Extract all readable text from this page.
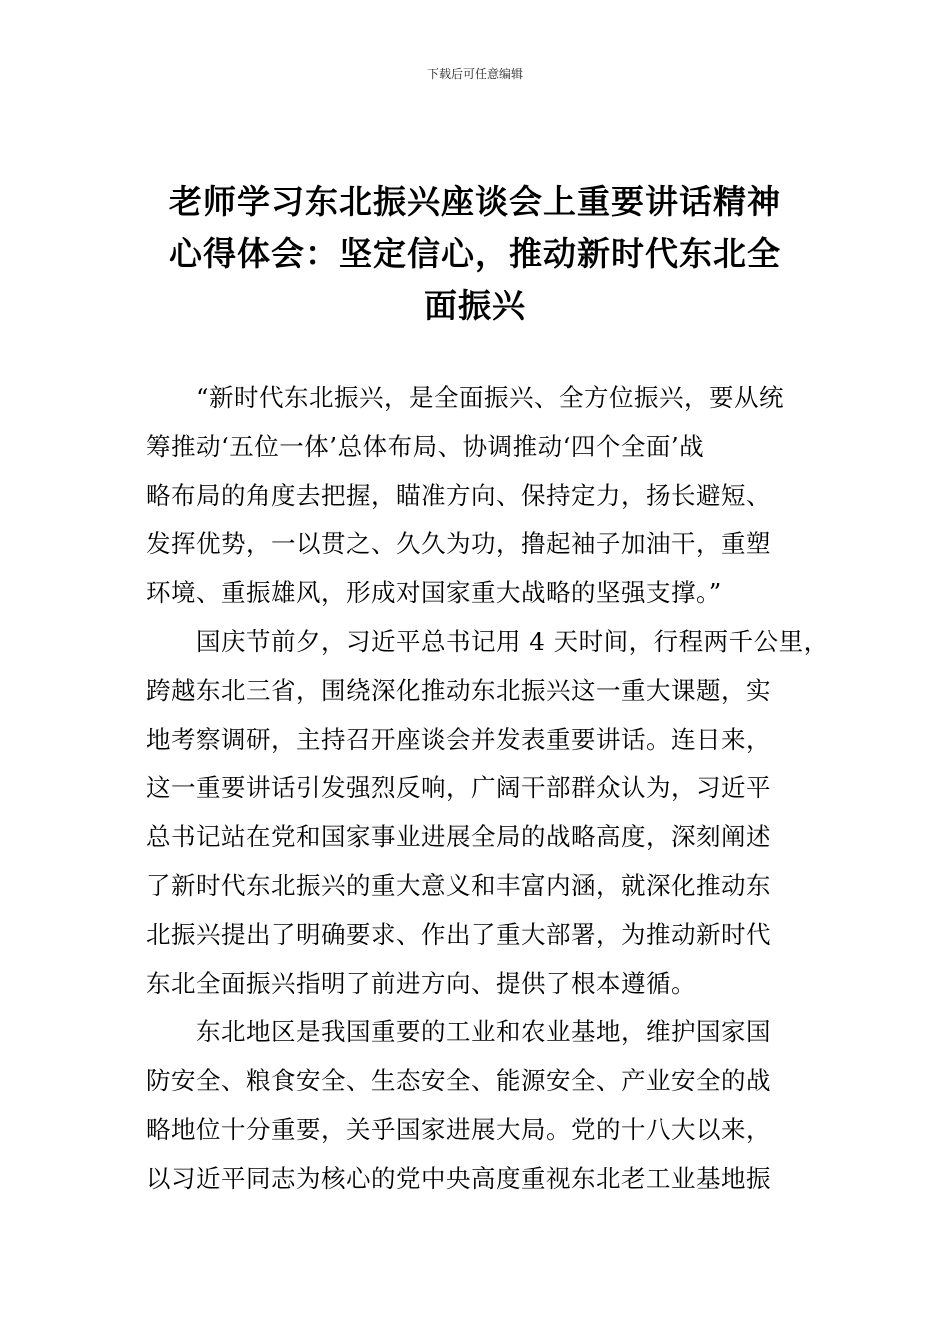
下载后可任意编辑
老师学习东北振兴座谈会上重要讲话精神
心得体会：坚定信心，推动新时代东北全
面振兴

“新时代东北振兴，是全面振兴、全方位振兴，要从统
筹推动‘五位一体’总体布局、协调推动‘四个全面’战
略布局的角度去把握，瞄准方向、保持定力，扬长避短、
发挥优势，一以贯之、久久为功，撸起袖子加油干，重塑
环境、重振雄风，形成对国家重大战略的坚强支撑。”

国庆节前夕，习近平总书记用 4 天时间，行程两千公里，
跨越东北三省，围绕深化推动东北振兴这一重大课题，实
地考察调研，主持召开座谈会并发表重要讲话。连日来，
这一重要讲话引发强烈反响，广阔干部群众认为，习近平
总书记站在党和国家事业进展全局的战略高度，深刻阐述
了新时代东北振兴的重大意义和丰富内涵，就深化推动东
北振兴提出了明确要求、作出了重大部署，为推动新时代
东北全面振兴指明了前进方向、提供了根本遵循。

东北地区是我国重要的工业和农业基地，维护国家国
防安全、粮食安全、生态安全、能源安全、产业安全的战
略地位十分重要，关乎国家进展大局。党的十八大以来，
以习近平同志为核心的党中央高度重视东北老工业基地振
